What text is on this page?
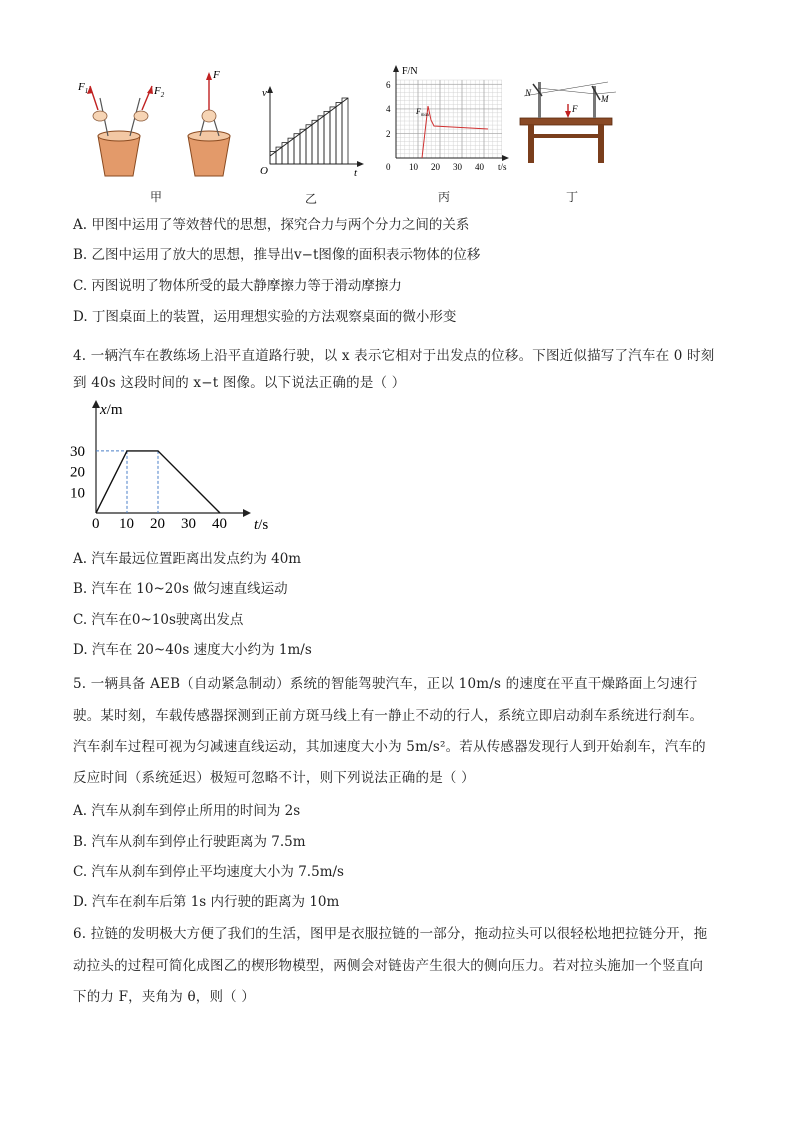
$F_1$	$F_2$
F
甲
v
O	t
乙
F/N
$F_{max}$
6
4
2
0 10 20 30 40 t/s
丙
N
M
F
丁
A. 甲图中运用了等效替代的思想，探究合力与两个分力之间的关系
B. 乙图中运用了放大的思想，推导出v−t图像的面积表示物体的位移
C. 丙图说明了物体所受的最大静摩擦力等于滑动摩擦力
D. 丁图桌面上的装置，运用理想实验的方法观察桌面的微小形变
4. 一辆汽车在教练场上沿平直道路行驶，以 x 表示它相对于出发点的位移。下图近似描写了汽车在 0 时刻
到 40s 这段时间的 x−t 图像。以下说法正确的是（ ）
0 10 20 30 40
10
20
30
x/m
t/s
A. 汽车最远位置距离出发点约为 40m
B. 汽车在 10~20s 做匀速直线运动
C. 汽车在0~10s驶离出发点
D. 汽车在 20~40s 速度大小约为 1m/s
5. 一辆具备 AEB（自动紧急制动）系统的智能驾驶汽车，正以 10m/s 的速度在平直干燥路面上匀速行
驶。某时刻，车载传感器探测到正前方斑马线上有一静止不动的行人，系统立即启动刹车系统进行刹车。
汽车刹车过程可视为匀减速直线运动，其加速度大小为 5m/s²。若从传感器发现行人到开始刹车，汽车的
反应时间（系统延迟）极短可忽略不计，则下列说法正确的是（ ）
A. 汽车从刹车到停止所用的时间为 2s
B. 汽车从刹车到停止行驶距离为 7.5m
C. 汽车从刹车到停止平均速度大小为 7.5m/s
D. 汽车在刹车后第 1s 内行驶的距离为 10m
6. 拉链的发明极大方便了我们的生活，图甲是衣服拉链的一部分，拖动拉头可以很轻松地把拉链分开，拖
动拉头的过程可简化成图乙的楔形物模型，两侧会对链齿产生很大的侧向压力。若对拉头施加一个竖直向
下的力 F，夹角为 θ，则（ ）
